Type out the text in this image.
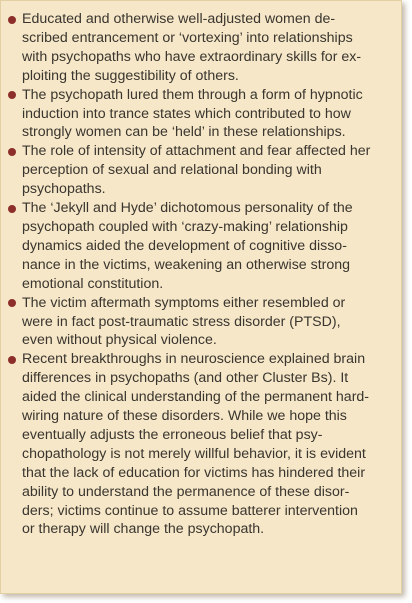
Educated and otherwise well-adjusted women de-
scribed entrancement or ‘vortexing’ into relationships
with psychopaths who have extraordinary skills for ex-
ploiting the suggestibility of others.
The psychopath lured them through a form of hypnotic
induction into trance states which contributed to how
strongly women can be ‘held’ in these relationships.
The role of intensity of attachment and fear affected her
perception of sexual and relational bonding with
psychopaths.
The ‘Jekyll and Hyde’ dichotomous personality of the
psychopath coupled with ‘crazy-making’ relationship
dynamics aided the development of cognitive disso-
nance in the victims, weakening an otherwise strong
emotional constitution.
The victim aftermath symptoms either resembled or
were in fact post-traumatic stress disorder (PTSD),
even without physical violence.
Recent breakthroughs in neuroscience explained brain
differences in psychopaths (and other Cluster Bs). It
aided the clinical understanding of the permanent hard-
wiring nature of these disorders. While we hope this
eventually adjusts the erroneous belief that psy-
chopathology is not merely willful behavior, it is evident
that the lack of education for victims has hindered their
ability to understand the permanence of these disor-
ders; victims continue to assume batterer intervention
or therapy will change the psychopath.
